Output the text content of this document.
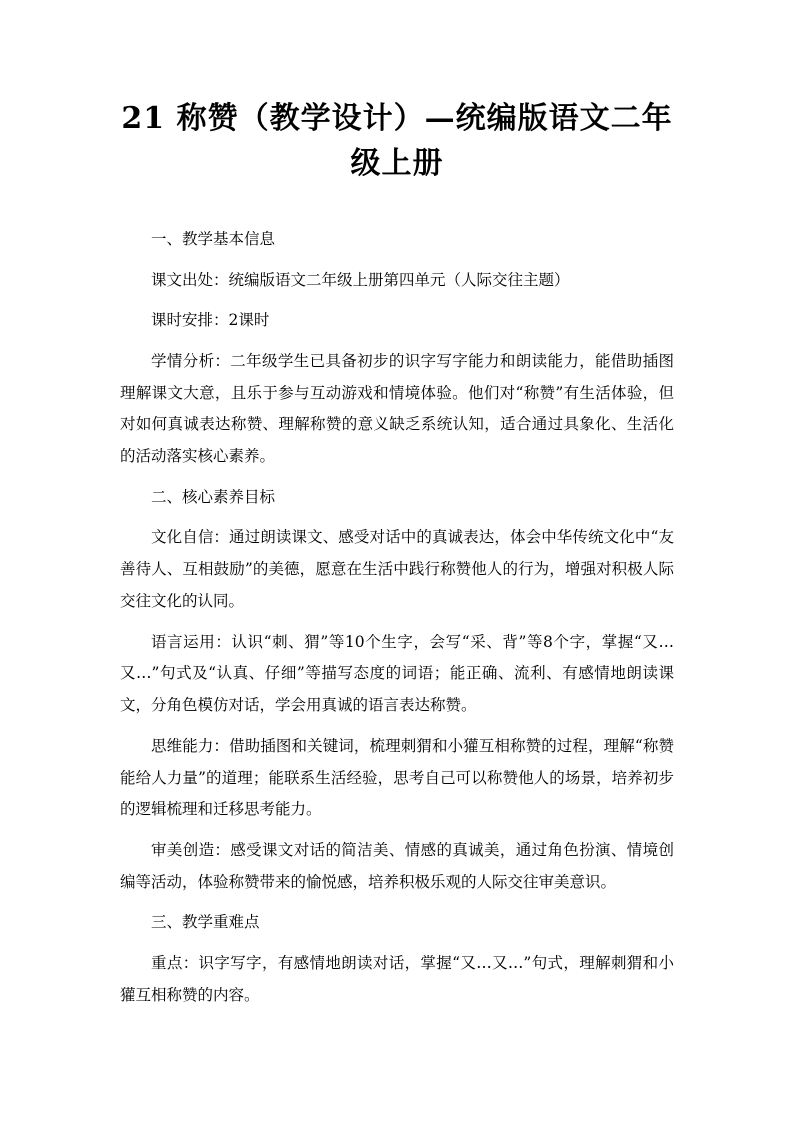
21 称赞（教学设计）—统编版语文二年级上册

一、教学基本信息

课文出处：统编版语文二年级上册第四单元（人际交往主题）

课时安排：2课时

学情分析：二年级学生已具备初步的识字写字能力和朗读能力，能借助插图理解课文大意，且乐于参与互动游戏和情境体验。他们对“称赞”有生活体验，但对如何真诚表达称赞、理解称赞的意义缺乏系统认知，适合通过具象化、生活化的活动落实核心素养。

二、核心素养目标

文化自信：通过朗读课文、感受对话中的真诚表达，体会中华传统文化中“友善待人、互相鼓励”的美德，愿意在生活中践行称赞他人的行为，增强对积极人际交往文化的认同。

语言运用：认识“刺、猬”等10个生字，会写“采、背”等8个字，掌握“又…又…”句式及“认真、仔细”等描写态度的词语；能正确、流利、有感情地朗读课文，分角色模仿对话，学会用真诚的语言表达称赞。

思维能力：借助插图和关键词，梳理刺猬和小獾互相称赞的过程，理解“称赞能给人力量”的道理；能联系生活经验，思考自己可以称赞他人的场景，培养初步的逻辑梳理和迁移思考能力。

审美创造：感受课文对话的简洁美、情感的真诚美，通过角色扮演、情境创编等活动，体验称赞带来的愉悦感，培养积极乐观的人际交往审美意识。

三、教学重难点

重点：识字写字，有感情地朗读对话，掌握“又…又…”句式，理解刺猬和小獾互相称赞的内容。
